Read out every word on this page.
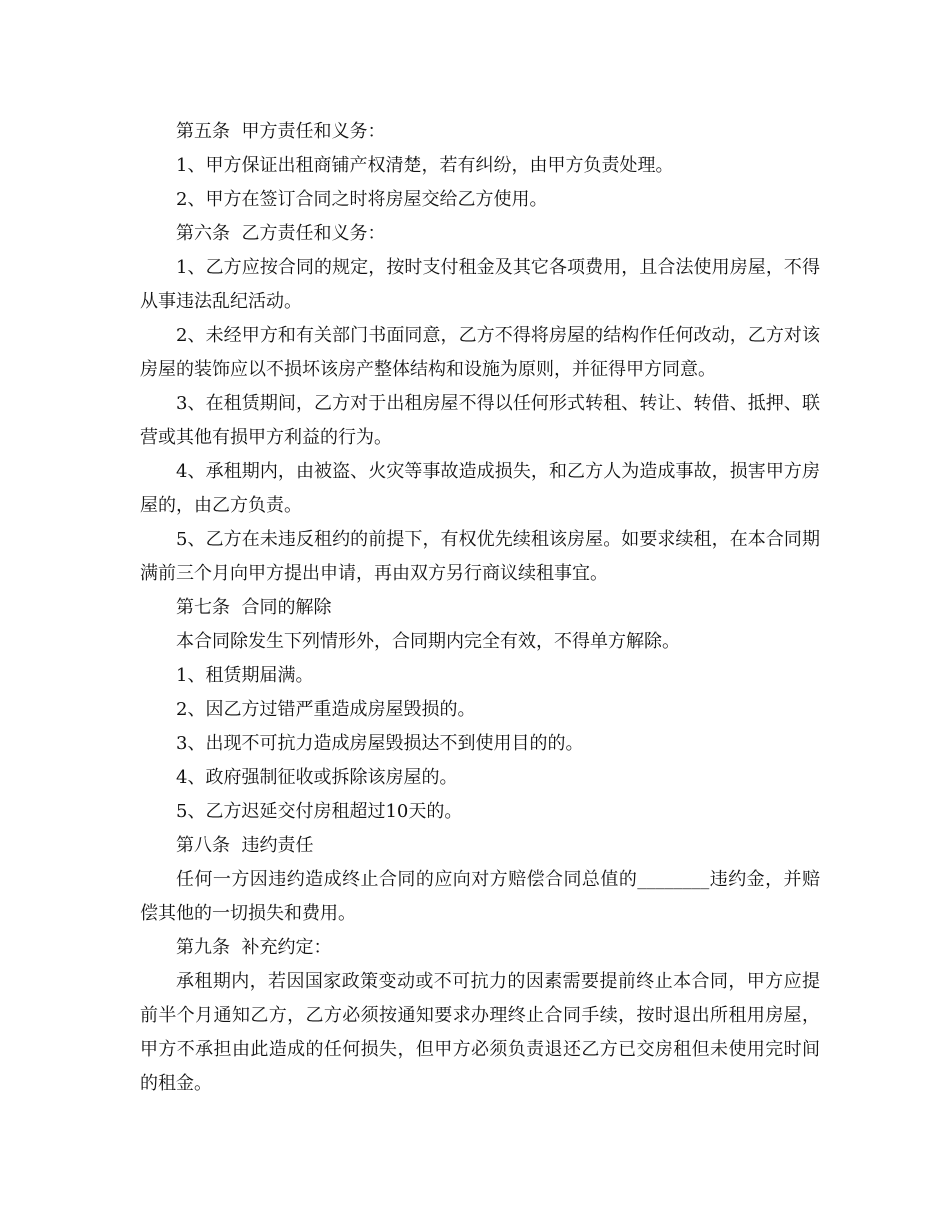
第五条  甲方责任和义务：

1、甲方保证出租商铺产权清楚，若有纠纷，由甲方负责处理。

2、甲方在签订合同之时将房屋交给乙方使用。

第六条  乙方责任和义务：

1、乙方应按合同的规定，按时支付租金及其它各项费用，且合法使用房屋，不得从事违法乱纪活动。

2、未经甲方和有关部门书面同意，乙方不得将房屋的结构作任何改动，乙方对该房屋的装饰应以不损坏该房产整体结构和设施为原则，并征得甲方同意。

3、在租赁期间，乙方对于出租房屋不得以任何形式转租、转让、转借、抵押、联营或其他有损甲方利益的行为。

4、承租期内，由被盗、火灾等事故造成损失，和乙方人为造成事故，损害甲方房屋的，由乙方负责。

5、乙方在未违反租约的前提下，有权优先续租该房屋。如要求续租，在本合同期满前三个月向甲方提出申请，再由双方另行商议续租事宜。

第七条  合同的解除

本合同除发生下列情形外，合同期内完全有效，不得单方解除。

1、租赁期届满。

2、因乙方过错严重造成房屋毁损的。

3、出现不可抗力造成房屋毁损达不到使用目的的。

4、政府强制征收或拆除该房屋的。

5、乙方迟延交付房租超过10天的。

第八条  违约责任

任何一方因违约造成终止合同的应向对方赔偿合同总值的________违约金，并赔偿其他的一切损失和费用。

第九条  补充约定：

承租期内，若因国家政策变动或不可抗力的因素需要提前终止本合同，甲方应提前半个月通知乙方，乙方必须按通知要求办理终止合同手续，按时退出所租用房屋，甲方不承担由此造成的任何损失，但甲方必须负责退还乙方已交房租但未使用完时间的租金。
